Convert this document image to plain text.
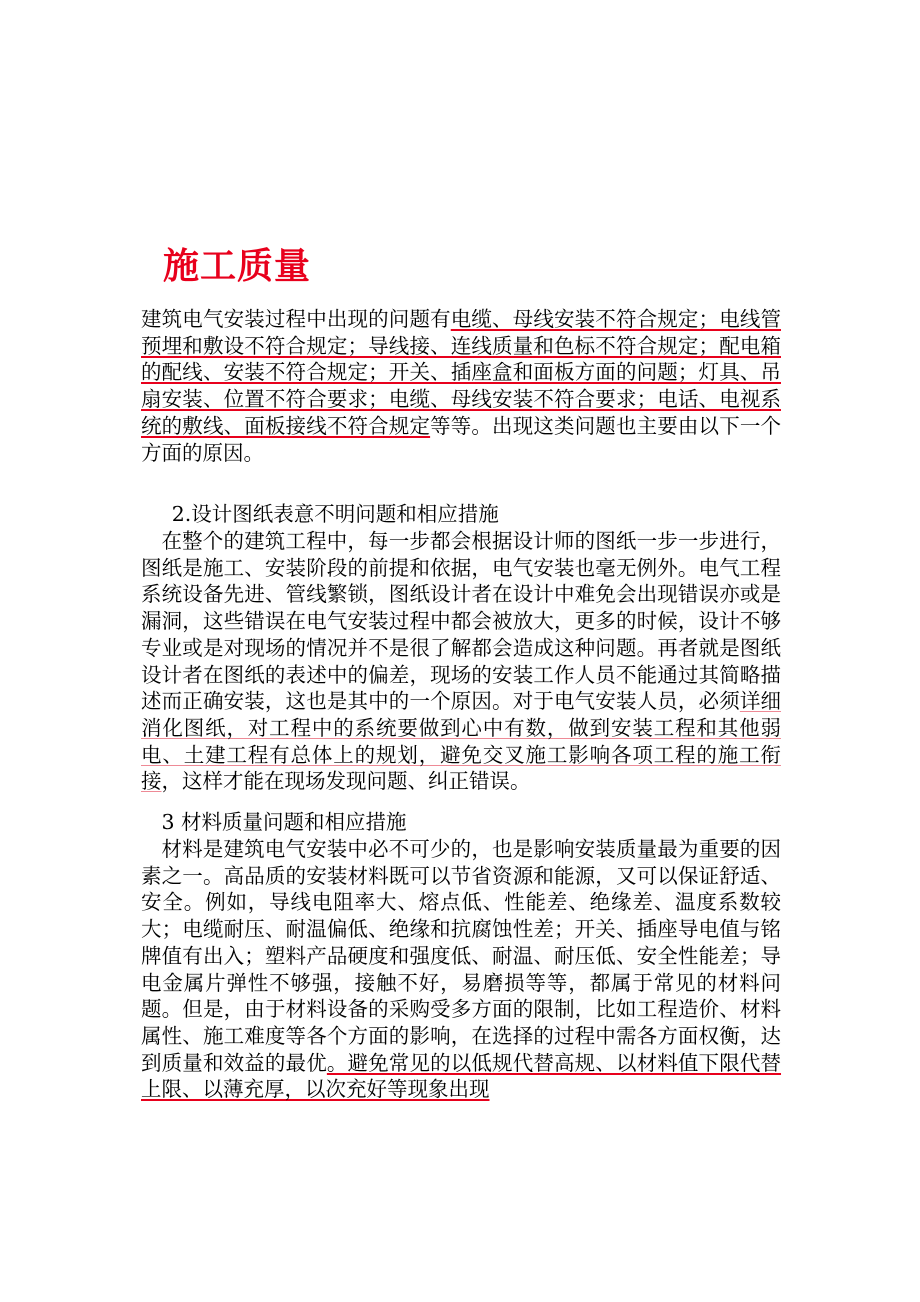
施工质量

建筑电气安装过程中出现的问题有电缆、母线安装不符合规定；电线管预埋和敷设不符合规定；导线接、连线质量和色标不符合规定；配电箱的配线、安装不符合规定；开关、插座盒和面板方面的问题；灯具、吊扇安装、位置不符合要求；电缆、母线安装不符合要求；电话、电视系统的敷线、面板接线不符合规定等等。出现这类问题也主要由以下一个方面的原因。

2.设计图纸表意不明问题和相应措施

在整个的建筑工程中，每一步都会根据设计师的图纸一步一步进行，图纸是施工、安装阶段的前提和依据，电气安装也毫无例外。电气工程系统设备先进、管线繁锁，图纸设计者在设计中难免会出现错误亦或是漏洞，这些错误在电气安装过程中都会被放大，更多的时候，设计不够专业或是对现场的情况并不是很了解都会造成这种问题。再者就是图纸设计者在图纸的表述中的偏差，现场的安装工作人员不能通过其简略描述而正确安装，这也是其中的一个原因。对于电气安装人员，必须详细消化图纸，对工程中的系统要做到心中有数，做到安装工程和其他弱电、土建工程有总体上的规划，避免交叉施工影响各项工程的施工衔接，这样才能在现场发现问题、纠正错误。

3 材料质量问题和相应措施

材料是建筑电气安装中必不可少的，也是影响安装质量最为重要的因素之一。高品质的安装材料既可以节省资源和能源，又可以保证舒适、安全。例如，导线电阻率大、熔点低、性能差、绝缘差、温度系数较大；电缆耐压、耐温偏低、绝缘和抗腐蚀性差；开关、插座导电值与铭牌值有出入；塑料产品硬度和强度低、耐温、耐压低、安全性能差；导电金属片弹性不够强，接触不好，易磨损等等，都属于常见的材料问题。但是，由于材料设备的采购受多方面的限制，比如工程造价、材料属性、施工难度等各个方面的影响，在选择的过程中需各方面权衡，达到质量和效益的最优。避免常见的以低规代替高规、以材料值下限代替上限、以薄充厚，以次充好等现象出现
